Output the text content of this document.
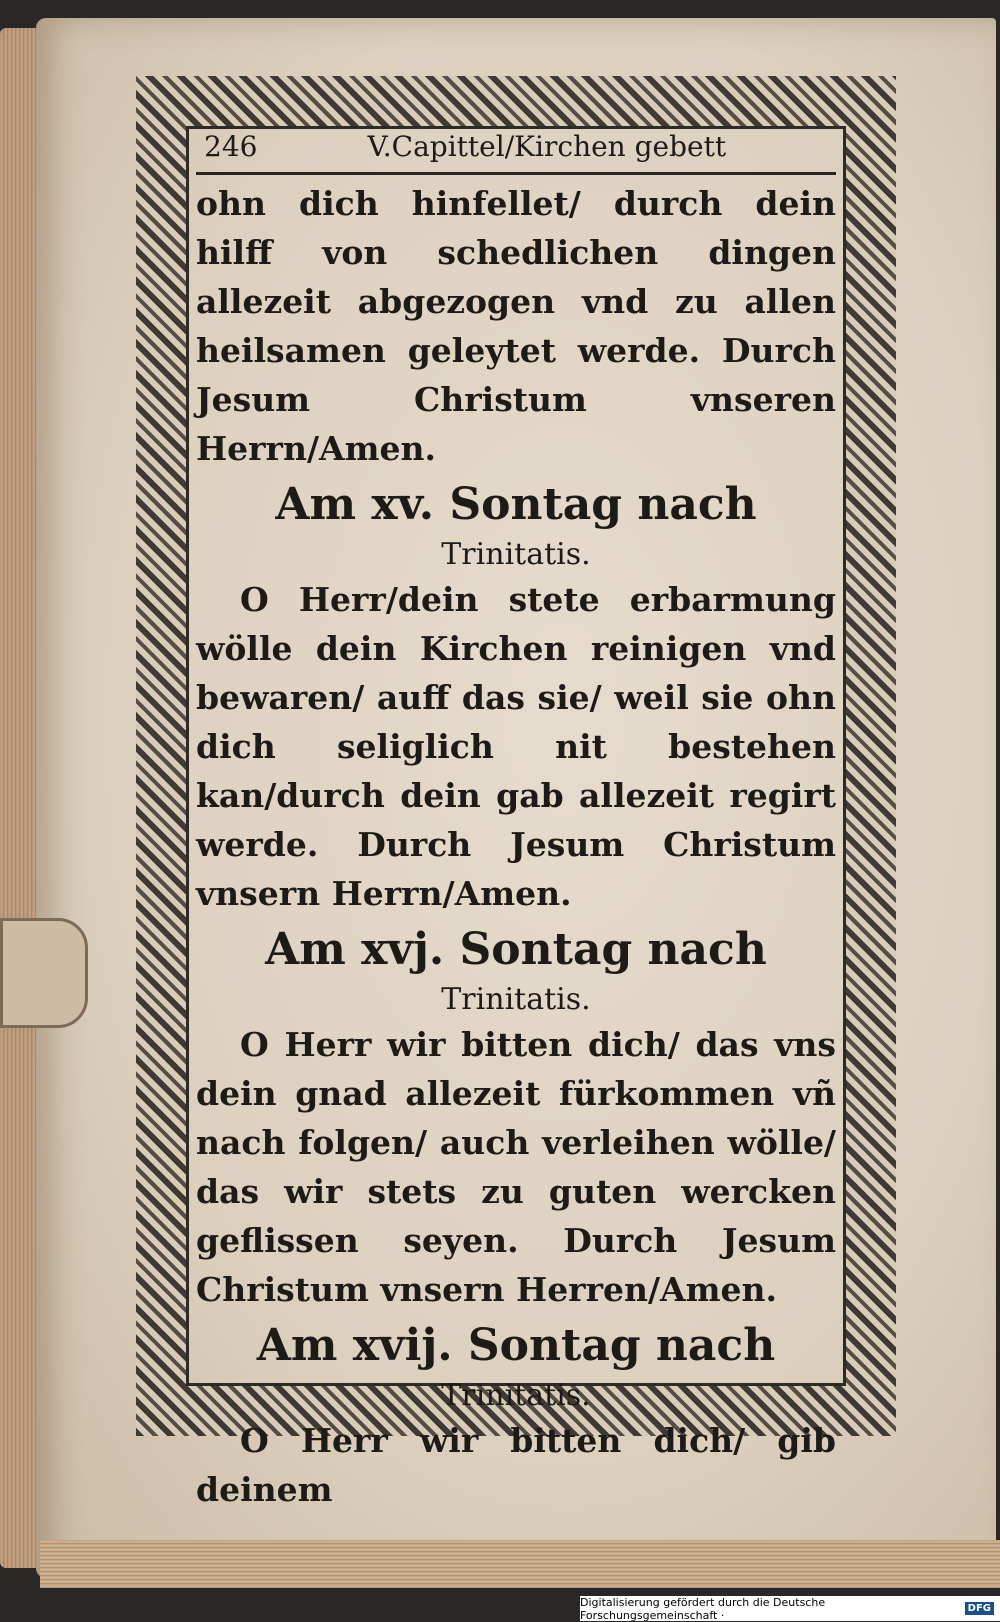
246	V.Capittel/Kirchen gebett

ohn dich hinfellet/ durch dein hilff von schedlichen dingen allezeit abgezogen vnd zu allen heilsamen geleytet werde. Durch Jesum Christum vnseren Herrn/Amen.

Am xv. Sontag nach
Trinitatis.

O Herr/dein stete erbarmung wölle dein Kirchen reinigen vnd bewaren/ auff das sie/ weil sie ohn dich seliglich nit bestehen kan/durch dein gab allezeit regirt werde. Durch Jesum Christum vnsern Herrn/Amen.

Am xvj. Sontag nach
Trinitatis.

O Herr wir bitten dich/ das vns dein gnad allezeit fürkommen vñ nach folgen/ auch verleihen wölle/ das wir stets zu guten wercken geflissen seyen. Durch Jesum Christum vnsern Herren/Amen.

Am xvij. Sontag nach
Trinitatis.

O Herr wir bitten dich/ gib deinem

Digitalisierung gefördert durch die Deutsche Forschungsgemeinschaft ·	DFG
